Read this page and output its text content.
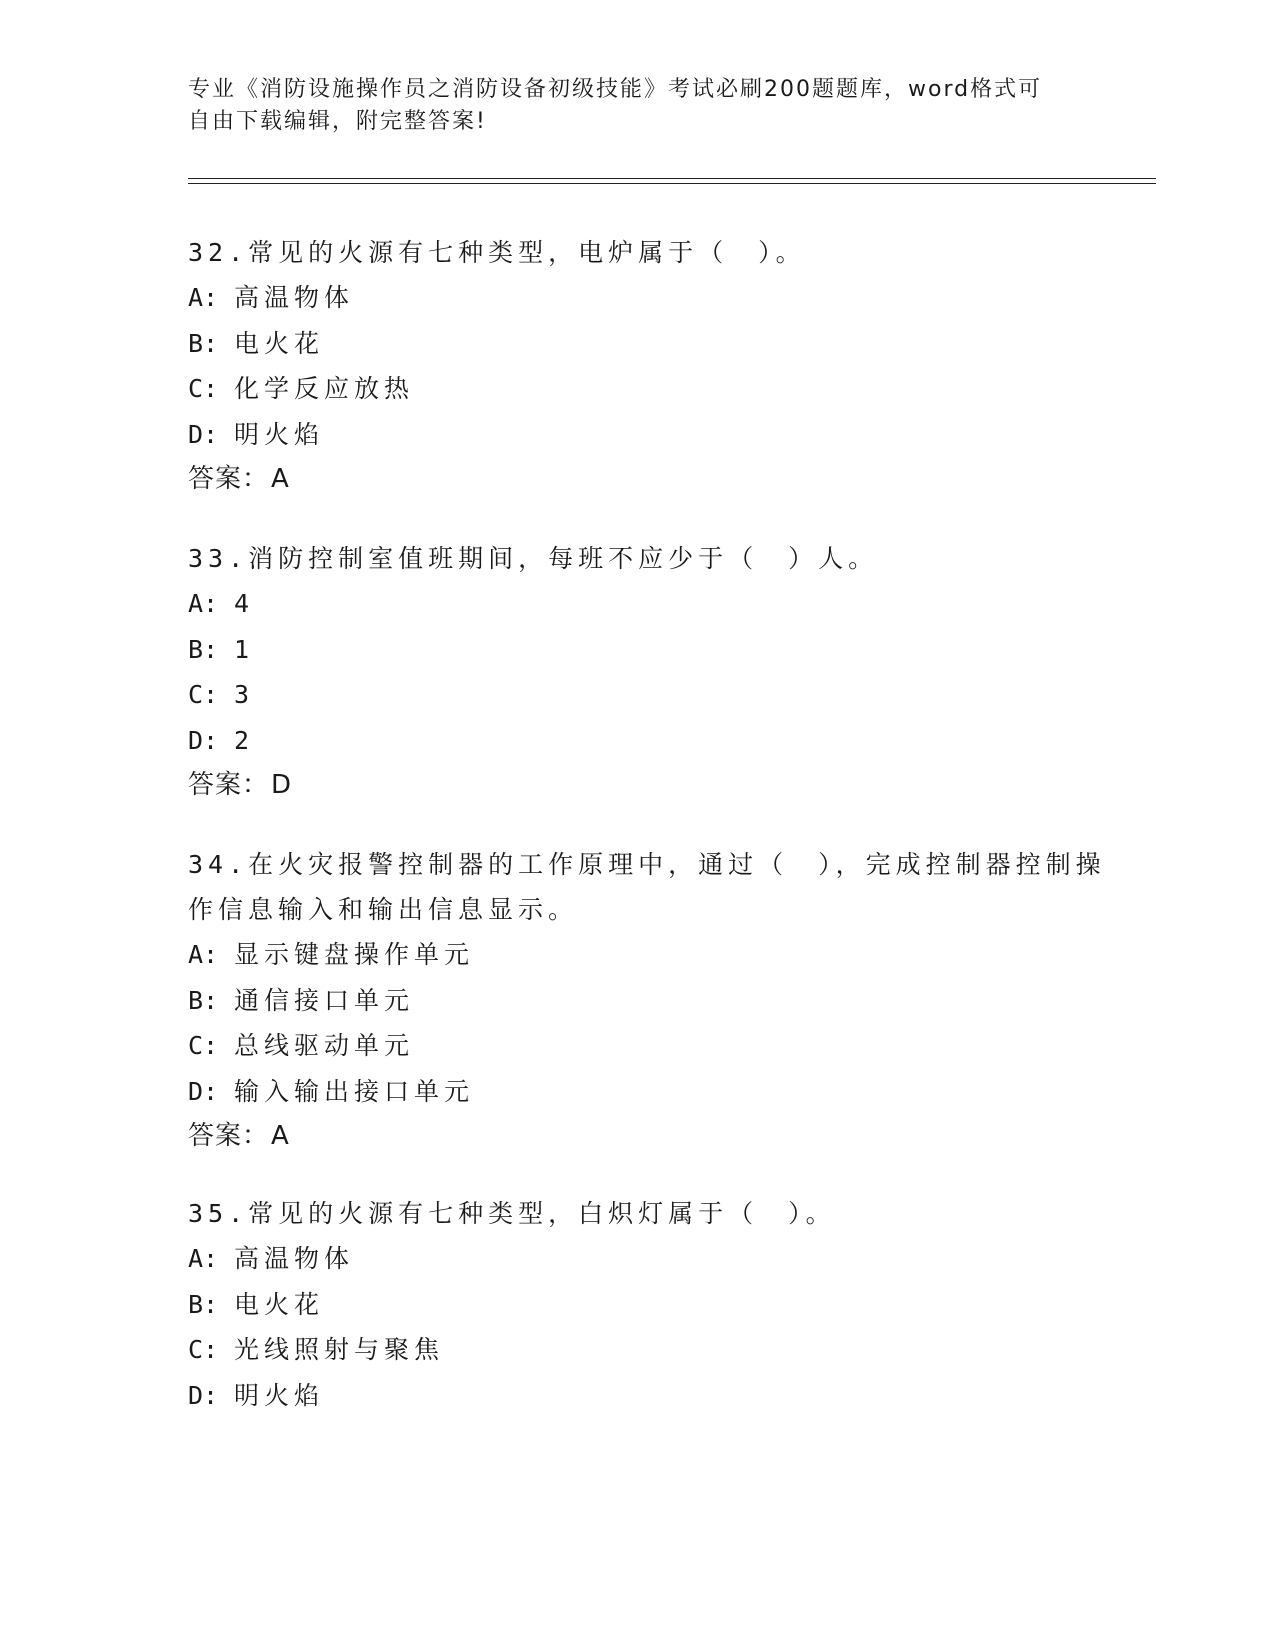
专业《消防设施操作员之消防设备初级技能》考试必刷200题题库，word格式可
自由下载编辑，附完整答案!

32.常见的火源有七种类型，电炉属于（　）。

A: 高温物体

B: 电火花

C: 化学反应放热

D: 明火焰

答案：A

33.消防控制室值班期间，每班不应少于（　）人。

A: 4

B: 1

C: 3

D: 2

答案：D

34.在火灾报警控制器的工作原理中，通过（　），完成控制器控制操作信息输入和输出信息显示。

A: 显示键盘操作单元

B: 通信接口单元

C: 总线驱动单元

D: 输入输出接口单元

答案：A

35.常见的火源有七种类型，白炽灯属于（　）。

A: 高温物体

B: 电火花

C: 光线照射与聚焦

D: 明火焰
